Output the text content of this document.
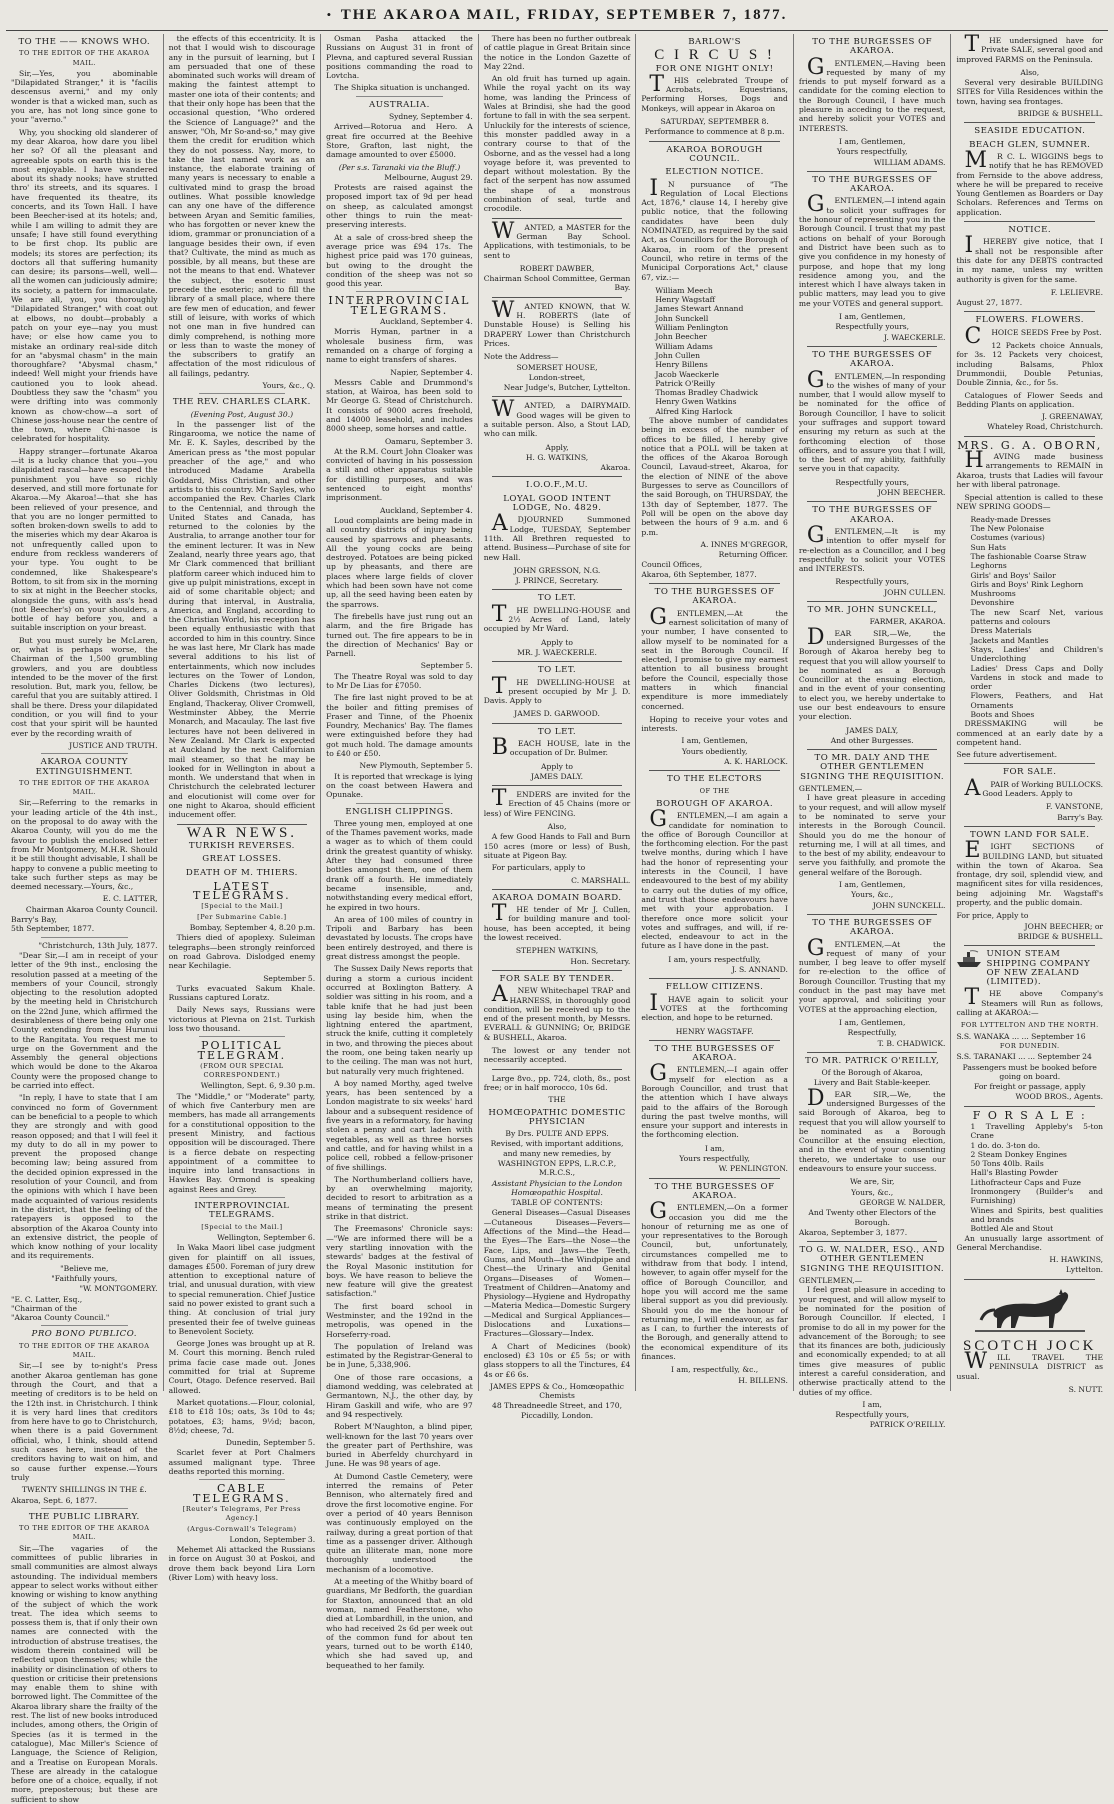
• THE AKAROA MAIL, FRIDAY, SEPTEMBER 7, 1877.
TO THE —— KNOWS WHO.
TO THE EDITOR OF THE AKAROA MAIL.

Sir,—Yes, you abominable "Dilapidated Stranger," it is "facilis descensus averni," and my only wonder is that a wicked man, such as you are, has not long since gone to your "averno."

Why, you shocking old slanderer of my dear Akaroa, how dare you libel her so? Of all the pleasant and agreeable spots on earth this is the most enjoyable. I have wandered about its shady nooks; have strutted thro' its streets, and its squares. I have frequented its theatre, its concerts, and its Town Hall. I have been Beecher-ised at its hotels; and, while I am willing to admit they are unsafe; I have still found everything to be first chop. Its public are models; its stores are perfection; its doctors all that suffering humanity can desire; its parsons—well, well—all the women can judiciously admire; its society, a pattern for immaculate. We are all, you, you thoroughly "Dilapidated Stranger," with coat out at elbows, no doubt—probably a patch on your eye—nay you must have; or else how came you to mistake an ordinary real-side ditch for an "abysmal chasm" in the main thoroughfare? "Abysmal chasm," indeed! Well might your friends have cautioned you to look ahead. Doubtless they saw the "chasm" you were drifting into was commonly known as chow-chow—a sort of Chinese joss-house near the centre of the town, where Chi-nasoe is celebrated for hospitality.

Happy stranger—fortunate Akaroa—it is a lucky chance that you—you dilapidated rascal—have escaped the punishment you have so richly deserved, and still more fortunate for Akaroa.—My Akaroa!—that she has been relieved of your presence, and that you are no longer permitted to soften broken-down swells to add to the miseries which my dear Akaroa is not unfrequently called upon to endure from reckless wanderers of your type. You ought to be condemned, like Shakespeare's Bottom, to sit from six in the morning to six at night in the Beecher stocks, alongside the guns, with ass's head (not Beecher's) on your shoulders, a bottle of hay before you, and a suitable inscription on your breast.

But you must surely be McLaren, or, what is perhaps worse, the Chairman of the 1,500 grumbling growlers, and you are doubtless intended to be the mover of the first resolution. But, mark you, fellow, be careful that you are suitably attired. I shall be there. Dress your dilapidated condition, or you will find to your cost that your spirit will be haunted ever by the recording wraith of

JUSTICE AND TRUTH.
AKAROA COUNTY EXTINGUISHMENT.
TO THE EDITOR OF THE AKAROA MAIL.

Sir,—Referring to the remarks in your leading article of the 4th inst., on the proposal to do away with the Akaroa County, will you do me the favour to publish the enclosed letter from Mr Montgomery, M.H.R. Should it be still thought advisable, I shall be happy to convene a public meeting to take such further steps as may be deemed necessary.—Yours, &c.,

E. C. LATTER,
Chairman Akaroa County Council.
Barry's Bay,
5th September, 1877.
"Christchurch, 13th July, 1877.

"Dear Sir,—I am in receipt of your letter of the 9th inst., enclosing the resolution passed at a meeting of the members of your Council, strongly objecting to the resolution adopted by the meeting held in Christchurch on the 22nd June, which affirmed the desirableness of there being only one County extending from the Hurunui to the Rangitata. You request me to urge on the Government and the Assembly the general objections which would be done to the Akaroa County were the proposed change to be carried into effect.

"In reply, I have to state that I am convinced no form of Government can be beneficial to a people to which they are strongly and with good reason opposed; and that I will feel it my duty to do all in my power to prevent the proposed change becoming law; being assured from the decided opinion expressed in the resolution of your Council, and from the opinions with which I have been made acquainted of various residents in the district, that the feeling of the ratepayers is opposed to the absorption of the Akaroa County into an extensive district, the people of which know nothing of your locality and its requirements.

"Believe me,
"Faithfully yours,
"W. MONTGOMERY.
"E. C. Latter, Esq.,
"Chairman of the
"Akaroa County Council."
PRO BONO PUBLICO.
TO THE EDITOR OF THE AKAROA MAIL.

Sir,—I see by to-night's Press another Akaroa gentleman has gone through the Court, and that a meeting of creditors is to be held on the 12th inst. in Christchurch. I think it is very hard lines that creditors from here have to go to Christchurch, when there is a paid Government official, who, I think, should attend such cases here, instead of the creditors having to wait on him, and so cause further expense.—Yours truly

TWENTY SHILLINGS IN THE £.
Akaroa, Sept. 6, 1877.
THE PUBLIC LIBRARY.
TO THE EDITOR OF THE AKAROA MAIL.

Sir,—The vagaries of the committees of public libraries in small communities are almost always astounding. The individual members appear to select works without either knowing or wishing to know anything of the subject of which the work treat. The idea which seems to possess them is, that if only their own names are connected with the introduction of abstruse treatises, the wisdom therein contained will be reflected upon themselves; while the inability or disinclination of others to question or criticise their pretensions may enable them to shine with borrowed light. The Committee of the Akaroa library share the frailty of the rest. The list of new books introduced includes, among others, the Origin of Species (as it is termed in the catalogue), Mac Miller's Science of Language, the Science of Religion, and a Treatise on European Morals. These are already in the catalogue before one of a choice, equally, if not more, preposterous; but these are sufficient to show

the effects of this eccentricity. It is not that I would wish to discourage any in the pursuit of learning, but I am persuaded that one of these abominated such works will dream of making the faintest attempt to master one iota of their contents; and that their only hope has been that the occasional question, "Who ordered the Science of Language?" and the answer, "Oh, Mr So-and-so," may give them the credit for erudition which they do not possess. Nay, more, to take the last named work as an instance, the elaborate training of many years is necessary to enable a cultivated mind to grasp the broad outlines. What possible knowledge can any one have of the difference between Aryan and Semitic families, who has forgotten or never knew the idiom, grammar or pronunciation of a language besides their own, if even that? Cultivate, the mind as much as possible, by all means, but these are not the means to that end. Whatever the subject, the esoteric must precede the esoteric; and to fill the library of a small place, where there are few men of education, and fewer still of leisure, with works of which not one man in five hundred can dimly comprehend, is nothing more or less than to waste the money of the subscribers to gratify an affectation of the most ridiculous of all failings, pedantry.

Yours, &c., Q.
THE REV. CHARLES CLARK.
(Evening Post, August 30.)

In the passenger list of the Ringarooma, we notice the name of Mr. E. K. Sayles, described by the American press as "the most popular preacher of the age," and who introduced Madame Arabella Goddard, Miss Christian, and other artists to this country. Mr Sayles, who accompanied the Rev. Charles Clark to the Centennial, and through the United States and Canada, has returned to the colonies by the Australia, to arrange another tour for the eminent lecturer. It was in New Zealand, nearly three years ago, that Mr Clark commenced that brilliant platform career which induced him to give up pulpit ministrations, except in aid of some charitable object; and during that interval, in Australia, America, and England, according to the Christian World, his reception has been equally enthusiastic with that accorded to him in this country. Since he was last here, Mr Clark has made several additions to his list of entertainments, which now includes lectures on the Tower of London, Charles Dickens (two lectures), Oliver Goldsmith, Christmas in Old England, Thackeray, Oliver Cromwell, Westminster Abbey, the Merrie Monarch, and Macaulay. The last five lectures have not been delivered in New Zealand. Mr Clark is expected at Auckland by the next Californian mail steamer, so that he may be looked for in Wellington in about a month. We understand that when in Christchurch the celebrated lecturer and elocutionist will come over for one night to Akaroa, should efficient inducement offer.

WAR NEWS.
TURKISH REVERSES.
GREAT LOSSES.
DEATH OF M. THIERS.
LATEST TELEGRAMS.
[Special to the Mail.]
[Per Submarine Cable.]
Bombay, September 4, 8.20 p.m.

Thiers died of apoplexy. Suleiman telegraphs—been strongly reinforced on road Gabrova. Dislodged enemy near Kechilagie.

September 5.

Turks evacuated Sakum Khale. Russians captured Loratz.

Daily News says, Russians were victorious at Plevna on 21st. Turkish loss two thousand.

POLITICAL TELEGRAM.
(FROM OUR SPECIAL CORRESPONDENT.)
Wellington, Sept. 6, 9.30 p.m.

The "Middle," or "Moderate" party, of which five Canterbury men are members, has made all arrangements for a constitutional opposition to the present Ministry, and factious opposition will be discouraged. There is a fierce debate on respecting appointment of a committee to inquire into land transactions in Hawkes Bay. Ormond is speaking against Rees and Grey.

INTERPROVINCIAL TELEGRAMS.
[Special to the Mail.]
Wellington, September 6.

In Waka Maori libel case judgment given for plaintiff on all issues, damages £500. Foreman of jury drew attention to exceptional nature of trial, and unusual duration, with view to special remuneration. Chief Justice said no power existed to grant such a thing. At conclusion of trial jury presented their fee of twelve guineas to Benevolent Society.

George Jones was brought up at R. M. Court this morning. Bench ruled prima facie case made out. Jones committed for trial at Supreme Court, Otago. Defence reserved. Bail allowed.

Market quotations.—Flour, colonial, £18 to £18 10s; oats, 3s 10d to 4s; potatoes, £3; hams, 9½d; bacon, 8½d; cheese, 7d.

Dunedin, September 5.

Scarlet fever at Port Chalmers assumed malignant type. Three deaths reported this morning.

CABLE TELEGRAMS.
[Reuter's Telegrams, Per Press Agency.]
(Argus-Cornwall's Telegram)
London, September 3.

Mehemet Ali attacked the Russians in force on August 30 at Poskoi, and drove them back beyond Lira Lorn (River Lom) with heavy loss.

Osman Pasha attacked the Russians on August 31 in front of Plevna, and captured several Russian positions commanding the road to Lovtcha.

The Shipka situation is unchanged.

AUSTRALIA.
Sydney, September 4.

Arrived—Rotorua and Hero. A great fire occurred at the Beehive Store, Grafton, last night, the damage amounted to over £5000.

(Per s.s. Taranaki via the Bluff.)
Melbourne, August 29.

Protests are raised against the proposed import tax of 9d per head on sheep, as calculated amongst other things to ruin the meat-preserving interests.

At a sale of cross-bred sheep the average price was £94 17s. The highest price paid was 170 guineas, but owing to the drought the condition of the sheep was not so good this year.

INTERPROVINCIAL TELEGRAMS.
Auckland, September 4.

Morris Hyman, partner in a wholesale business firm, was remanded on a charge of forging a name to eight transfers of shares.

Napier, September 4.

Messrs Cable and Drummond's station, at Wairoa, has been sold to Mr George G. Stead of Christchurch. It consists of 9000 acres freehold, and 14000 leasehold, and includes 8000 sheep, some horses and cattle.

Oamaru, September 3.

At the R.M. Court John Cloaker was convicted of having in his possession a still and other apparatus suitable for distilling purposes, and was sentenced to eight months' imprisonment.

Auckland, September 4.

Loud complaints are being made in all country districts of injury being caused by sparrows and pheasants. All the young cocks are being destroyed. Potatoes are being picked up by pheasants, and there are places where large fields of clover which had been sown have not come up, all the seed having been eaten by the sparrows.

The firebells have just rung out an alarm, and the fire Brigade has turned out. The fire appears to be in the direction of Mechanics' Bay or Parnell.

September 5.

The Theatre Royal was sold to day to Mr De Lias for £7050.

The fire last night proved to be at the boiler and fitting premises of Fraser and Tinne, of the Phoenix Foundry, Mechanics' Bay. The flames were extinguished before they had got much hold. The damage amounts to £40 or £50.

New Plymouth, September 5.

It is reported that wreckage is lying on the coast between Hawera and Opunake.

ENGLISH CLIPPINGS.

Three young men, employed at one of the Thames pavement works, made a wager as to which of them could drink the greatest quantity of whisky. After they had consumed three bottles amongst them, one of them drank off a fourth. He immediately became insensible, and, notwithstanding every medical effort, he expired in two hours.

An area of 100 miles of country in Tripoli and Barbary has been devastated by locusts. The crops have been entirely destroyed, and there is great distress amongst the people.

The Sussex Daily News reports that during a storm a curious incident occurred at Boxlington Battery. A soldier was sitting in his room, and a table knife that he had just been using lay beside him, when the lightning entered the apartment, struck the knife, cutting it completely in two, and throwing the pieces about the room, one being taken nearly up to the ceiling. The man was not hurt, but naturally very much frightened.

A boy named Morthy, aged twelve years, has been sentenced by a London magistrate to six weeks' hard labour and a subsequent residence of five years in a reformatory, for having stolen a penny and cart laden with vegetables, as well as three horses and cattle, and for having whilst in a police cell, robbed a fellow-prisoner of five shillings.

The Northumberland colliers have, by an overwhelming majority, decided to resort to arbitration as a means of terminating the present strike in that district.

The Freemasons' Chronicle says:—"We are informed there will be a very startling innovation with the stewards' badges at the festival of the Royal Masonic institution for boys. We have reason to believe the new feature will give the greatest satisfaction."

The first board school in Westminster, and the 192nd in the metropolis, was opened in the Horseferry-road.

The population of Ireland was estimated by the Registrar-General to be in June, 5,338,906.

One of those rare occasions, a diamond wedding, was celebrated at Germantown, N.J., the other day, by Hiram Gaskill and wife, who are 97 and 94 respectively.

Robert M'Naughton, a blind piper, well-known for the last 70 years over the greater part of Perthshire, was buried in Aberfeldy churchyard in June. He was 98 years of age.

At Dumond Castle Cemetery, were interred the remains of Peter Bennison, who alternately fired and drove the first locomotive engine. For over a period of 40 years Bennison was continuously employed on the railway, during a great portion of that time as a passenger driver. Although quite an illiterate man, none more thoroughly understood the mechanism of a locomotive.

At a meeting of the Whitby board of guardians, Mr Bedforth, the guardian for Staxton, announced that an old woman, named Featherstone, who died at Lombardhill, in the union, and who had received 2s 6d per week out of the common fund for about ten years, turned out to be worth £140, which she had saved up, and bequeathed to her family.

There has been no further outbreak of cattle plague in Great Britain since the notice in the London Gazette of May 22nd.

An old fruit has turned up again. While the royal yacht on its way home, was landing the Princess of Wales at Brindisi, she had the good fortune to fall in with the sea serpent. Unluckily for the interests of science, this monster paddled away in a contrary course to that of the Osborne, and as the vessel had a long voyage before it, was prevented to depart without molestation. By the fact of the serpent has now assumed the shape of a monstrous combination of seal, turtle and crocodile.

WANTED, a MASTER for the German Bay School. Applications, with testimonials, to be sent to

ROBERT DAWBER,
Chairman School Committee, German Bay.

WANTED KNOWN, that W. H. ROBERTS (late of Dunstable House) is Selling his DRAPERY Lower than Christchurch Prices.

Note the Address—
SOMERSET HOUSE,
London-street,
Near Judge's, Butcher, Lyttelton.

WANTED, a DAIRYMAID. Good wages will be given to a suitable person. Also, a Stout LAD, who can milk.

Apply,
H. G. WATKINS,
Akaroa.
I.O.O.F.,M.U.
LOYAL GOOD INTENT LODGE, No. 4829.

ADJOURNED Summoned Lodge, TUESDAY, September 11th. All Brethren requested to attend. Business—Purchase of site for new Hall.

JOHN GRESSON, N.G.
J. PRINCE, Secretary.
TO LET.

THE DWELLING-HOUSE and 2½ Acres of Land, lately occupied by Mr Ward.

Apply to
MR. J. WAECKERLE.
TO LET.

THE DWELLING-HOUSE at present occupied by Mr J. D. Davis. Apply to

JAMES D. GARWOOD.
TO LET.

BEACH HOUSE, late in the occupation of Dr. Bulmer.

Apply to
JAMES DALY.

TENDERS are invited for the Erection of 45 Chains (more or less) of Wire FENCING.

Also,

A few Good Hands to Fall and Burn 150 acres (more or less) of Bush, situate at Pigeon Bay.

For particulars, apply to

C. MARSHALL.
AKAROA DOMAIN BOARD.

THE tender of Mr J. Cullen, for building manure and tool-house, has been accepted, it being the lowest received.

STEPHEN WATKINS,
Hon. Secretary.
FOR SALE BY TENDER.

ANEW Whitechapel TRAP and HARNESS, in thoroughly good condition, will be received up to the end of the present month, by Messrs. EVERALL & GUNNING; Or, BRIDGE & BUSHELL, Akaroa.

The lowest or any tender not necessarily accepted.

Large 8vo., pp. 724, cloth, 8s., post free; or in half morocco, 10s 6d.

THE
HOMŒOPATHIC DOMESTIC PHYSICIAN
By Drs. PULTE AND EPPS.
Revised, with important additions, and many new remedies, by
WASHINGTON EPPS, L.R.C.P., M.R.C.S.,
Assistant Physician to the London Homœopathic Hospital.
TABLE OF CONTENTS:

General Diseases—Casual Diseases—Cutaneous Diseases—Fevers—Affections of the Mind—the Head—the Eyes—The Ears—the Nose—the Face, Lips, and Jaws—the Teeth, Gums, and Mouth—the Windpipe and Chest—the Urinary and Genital Organs—Diseases of Women—Treatment of Children—Anatomy and Physiology—Hygiene and Hydropathy—Materia Medica—Domestic Surgery—Medical and Surgical Appliances—Dislocations and Luxations—Fractures—Glossary—Index.

A Chart of Medicines (book) enclosed) £3 10s or £5 5s; or with glass stoppers to all the Tinctures, £4 4s or £6 6s.

JAMES EPPS & Co., Homœopathic Chemists
48 Threadneedle Street, and 170, Piccadilly, London.
BARLOW'S
C I R C U S !
FOR ONE NIGHT ONLY!

THIS celebrated Troupe of Acrobats, Equestrians, Performing Horses, Dogs and Monkeys, will appear in Akaroa on

SATURDAY, SEPTEMBER 8.
Performance to commence at 8 p.m.
AKAROA BOROUGH COUNCIL.
ELECTION NOTICE.

IN pursuance of "The Regulation of Local Elections Act, 1876," clause 14, I hereby give public notice, that the following candidates have been duly NOMINATED, as required by the said Act, as Councillors for the Borough of Akaroa, in room of the present Council, who retire in terms of the Municipal Corporations Act," clause 67, viz.:—

William Meech
Henry Wagstaff
James Stewart Annand
John Sunckell
William Penlington
John Beecher
William Adams
John Cullen
Henry Billens
Jacob Waeckerle
Patrick O'Reilly
Thomas Bradley Chadwick
Henry Gwen Watkins
Alfred King Harlock

The above number of candidates being in excess of the number of offices to be filled, I hereby give notice that a POLL will be taken at the offices of the Akaroa Borough Council, Lavaud-street, Akaroa, for the election of NINE of the above Burgesses to serve as Councillors of the said Borough, on THURSDAY, the 13th day of September, 1877. The Poll will be open on the above day between the hours of 9 a.m. and 6 p.m.

A. INNES M'GREGOR,
Returning Officer.
Council Offices,
Akaroa, 6th September, 1877.
TO THE BURGESSES OF AKAROA.

GENTLEMEN,—At the earnest solicitation of many of your number, I have consented to allow myself to be nominated for a seat in the Borough Council. If elected, I promise to give my earnest attention to all business brought before the Council, especially those matters in which financial expenditure is more immediately concerned.

Hoping to receive your votes and interests.

I am, Gentlemen,
Yours obediently,
A. K. HARLOCK.
TO THE ELECTORS
OF THE
BOROUGH OF AKAROA.

GENTLEMEN,—I am again a candidate for nomination to the office of Borough Councillor at the forthcoming election. For the past twelve months, during which I have had the honor of representing your interests in the Council, I have endeavoured to the best of my ability to carry out the duties of my office, and trust that those endeavours have met with your approbation. I therefore once more solicit your votes and suffrages, and will, if re-elected, endeavour to act in the future as I have done in the past.

I am, yours respectfully,
J. S. ANNAND.
FELLOW CITIZENS.

IHAVE again to solicit your VOTES at the forthcoming election, and hope to be returned.

HENRY WAGSTAFF.
TO THE BURGESSES OF AKAROA.

GENTLEMEN,—I again offer myself for election as a Borough Councillor, and trust that the attention which I have always paid to the affairs of the Borough during the past twelve months, will ensure your support and interests in the forthcoming election.

I am,
Yours respectfully,
W. PENLINGTON.
TO THE BURGESSES OF AKAROA.

GENTLEMEN,—On a former occasion you did me the honour of returning me as one of your representatives to the Borough Council, but, unfortunately, circumstances compelled me to withdraw from that body. I intend, however, to again offer myself for the office of Borough Councillor, and hope you will accord me the same liberal support as you did previously. Should you do me the honour of returning me, I will endeavour, as far as I can, to further the interests of the Borough, and generally attend to the economical expenditure of its finances.

I am, respectfully, &c.,
H. BILLENS.
TO THE BURGESSES OF AKAROA.

GENTLEMEN,—Having been requested by many of my friends to put myself forward as a candidate for the coming election to the Borough Council, I have much pleasure in acceding to the request, and hereby solicit your VOTES and INTERESTS.

I am, Gentlemen,
Yours respectfully,
WILLIAM ADAMS.
TO THE BURGESSES OF AKAROA.

GENTLEMEN,—I intend again to solicit your suffrages for the honour of representing you in the Borough Council. I trust that my past actions on behalf of your Borough and District have been such as to give you confidence in my honesty of purpose, and hope that my long residence among you, and the interest which I have always taken in public matters, may lead you to give me your VOTES and general support.

I am, Gentlemen,
Respectfully yours,
J. WAECKERLE.
TO THE BURGESSES OF AKAROA.

GENTLEMEN,—In responding to the wishes of many of your number, that I would allow myself to be nominated for the office of Borough Councillor, I have to solicit your suffrages and support toward ensuring my return as such at the forthcoming election of those officers, and to assure you that I will, to the best of my ability, faithfully serve you in that capacity.

Respectfully yours,
JOHN BEECHER.
TO THE BURGESSES OF AKAROA.

GENTLEMEN,—It is my intention to offer myself for re-election as a Councillor, and I beg respectfully to solicit your VOTES and INTERESTS.

Respectfully yours,
JOHN CULLEN.
TO MR. JOHN SUNCKELL,
FARMER, AKAROA.

DEAR SIR,—We, the undersigned Burgesses of the Borough of Akaroa hereby beg to request that you will allow yourself to be nominated as a Borough Councillor at the ensuing election, and in the event of your consenting to elect you, we hereby undertake to use our best endeavours to ensure your election.

JAMES DALY,
And other Burgesses.
TO MR. DALY AND THE OTHER GENTLEMEN SIGNING THE REQUISITION.
GENTLEMEN,—

I have great pleasure in acceding to your request, and will allow myself to be nominated to serve your interests in the Borough Council. Should you do me the honour of returning me, I will at all times, and to the best of my ability, endeavour to serve you faithfully, and promote the general welfare of the Borough.

I am, Gentlemen,
Yours, &c.,
JOHN SUNCKELL.
TO THE BURGESSES OF AKAROA.

GENTLEMEN,—At the request of many of your number, I beg leave to offer myself for re-election to the office of Borough Councillor. Trusting that my conduct in the past may have met your approval, and soliciting your VOTES at the approaching election,

I am, Gentlemen,
Respectfully,
T. B. CHADWICK.
TO MR. PATRICK O'REILLY,
Of the Borough of Akaroa,
Livery and Bait Stable-keeper.

DEAR SIR,—We, the undersigned Burgesses of the said Borough of Akaroa, beg to request that you will allow yourself to be nominated as a Borough Councillor at the ensuing election, and in the event of your consenting thereto, we undertake to use our endeavours to ensure your success.

We are, Sir,
Yours, &c.,
GEORGE W. NALDER,
And Twenty other Electors of the Borough.
Akaroa, September 3, 1877.
TO G. W. NALDER, ESQ., AND OTHER GENTLEMEN SIGNING THE REQUISITION.
GENTLEMEN,—

I feel great pleasure in acceding to your request, and will allow myself to be nominated for the position of Borough Councillor. If elected, I promise to do all in my power for the advancement of the Borough; to see that its finances are both, judiciously and economically expended; to at all times give measures of public interest a careful consideration, and otherwise practically attend to the duties of my office.

I am,
Respectfully yours,
PATRICK O'REILLY.

THE undersigned have for Private SALE, several good and improved FARMS on the Peninsula.

Also,

Several very desirable BUILDING SITES for Villa Residences within the town, having sea frontages.

BRIDGE & BUSHELL.
SEASIDE EDUCATION.
BEACH GLEN, SUMNER.

MR C. L. WIGGINS begs to notify that he has REMOVED from Fernside to the above address, where he will be prepared to receive Young Gentlemen as Boarders or Day Scholars. References and Terms on application.

NOTICE.

IHEREBY give notice, that I shall not be responsible after this date for any DEBTS contracted in my name, unless my written authority is given for the same.

F. LELIEVRE.
August 27, 1877.
FLOWERS. FLOWERS.

CHOICE SEEDS Free by Post.

12 Packets choice Annuals, for 3s. 12 Packets very choicest, including Balsams, Phlox Drummondii, Double Petunias, Double Zinnia, &c., for 5s.

Catalogues of Flower Seeds and Bedding Plants on application.

J. GREENAWAY,
Whateley Road, Christchurch.
MRS. G. A. OBORN,

HAVING made business arrangements to REMAIN in Akaroa, trusts that Ladies will favour her with liberal patronage.

Special attention is called to these NEW SPRING GOODS—

Ready-made Dresses
The New Polonaise
Costumes (various)
Sun Hats
The fashionable Coarse Straw
Leghorns
Girls' and Boys' Sailor
Girls and Boys' Rink Leghorn
Mushrooms
Devonshire
The new Scarf Net, various patterns and colours
Dress Materials
Jackets and Mantles
Stays, Ladies' and Children's Underclothing
Ladies' Dress Caps and Dolly Vardens in stock and made to order
Flowers, Feathers, and Hat Ornaments
Boots and Shoes

DRESSMAKING will be commenced at an early date by a competent hand.

See future advertisement.
FOR SALE.

APAIR of Working BULLOCKS. Good Leaders. Apply to

F. VANSTONE,
Barry's Bay.
TOWN LAND FOR SALE.

EIGHT SECTIONS of BUILDING LAND, but situated within the town of Akaroa. Sea frontage, dry soil, splendid view, and magnificent sites for villa residences, being adjoining Mr. Wagstaff's property, and the public domain.

For price, Apply to
JOHN BEECHER; or
BRIDGE & BUSHELL.
UNION STEAM SHIPPING COMPANY OF NEW ZEALAND (LIMITED).

THE above Company's Steamers will Run as follows, calling at AKAROA:—

FOR LYTTELTON AND THE NORTH.
S.S. WANAKA ... ... September 16
FOR DUNEDIN.
S.S. TARANAKI ... ... September 24
Passengers must be booked before going on board.
For freight or passage, apply
WOOD BROS., Agents.
F O R S A L E :
1 Travelling Appleby's 5-ton Crane
1 do. do. 3-ton do.
2 Steam Donkey Engines
50 Tons 40lb. Rails
Hall's Blasting Powder
Lithofracteur Caps and Fuze
Ironmongery (Builder's and Furnishing)
Wines and Spirits, best qualities and brands
Bottled Ale and Stout

An unusually large assortment of General Merchandise.

H. HAWKINS,
Lyttelton.
SCOTCH JOCK

WILL TRAVEL THE PENINSULA DISTRICT as usual.

S. NUTT.
